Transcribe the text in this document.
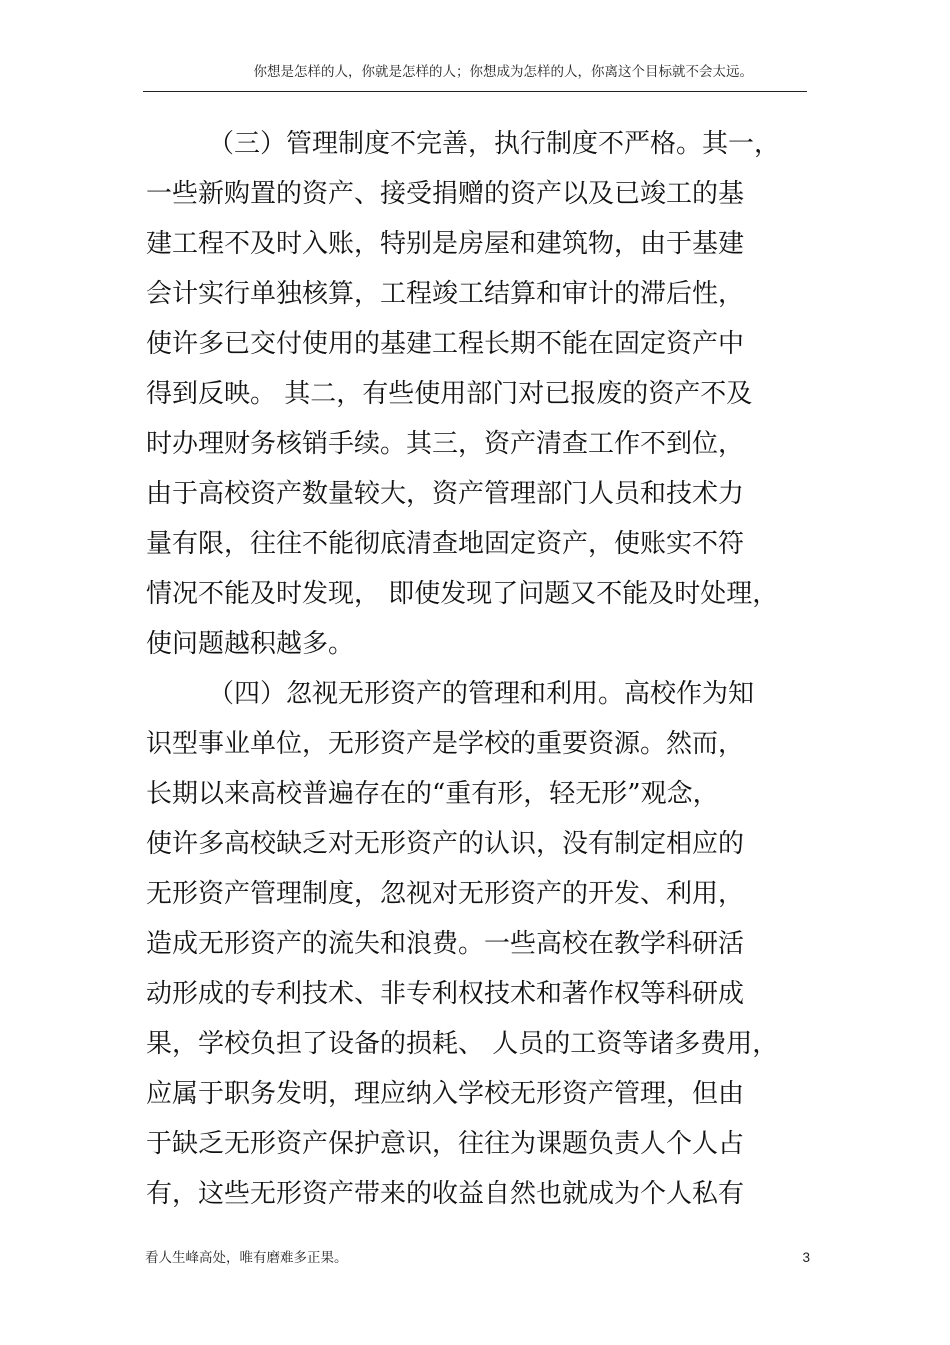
你想是怎样的人，你就是怎样的人；你想成为怎样的人，你离这个目标就不会太远。
（三）管理制度不完善，执行制度不严格。其一，
一些新购置的资产、接受捐赠的资产以及已竣工的基
建工程不及时入账，特别是房屋和建筑物，由于基建
会计实行单独核算，工程竣工结算和审计的滞后性，
使许多已交付使用的基建工程长期不能在固定资产中
得到反映。 其二，有些使用部门对已报废的资产不及
时办理财务核销手续。其三，资产清查工作不到位，
由于高校资产数量较大，资产管理部门人员和技术力
量有限，往往不能彻底清查地固定资产，使账实不符
情况不能及时发现， 即使发现了问题又不能及时处理，
使问题越积越多。
（四）忽视无形资产的管理和利用。高校作为知
识型事业单位，无形资产是学校的重要资源。然而，
长期以来高校普遍存在的“重有形，轻无形”观念，
使许多高校缺乏对无形资产的认识，没有制定相应的
无形资产管理制度，忽视对无形资产的开发、利用，
造成无形资产的流失和浪费。一些高校在教学科研活
动形成的专利技术、非专利权技术和著作权等科研成
果，学校负担了设备的损耗、 人员的工资等诸多费用，
应属于职务发明，理应纳入学校无形资产管理，但由
于缺乏无形资产保护意识，往往为课题负责人个人占
有，这些无形资产带来的收益自然也就成为个人私有
看人生峰高处，唯有磨难多正果。	3
